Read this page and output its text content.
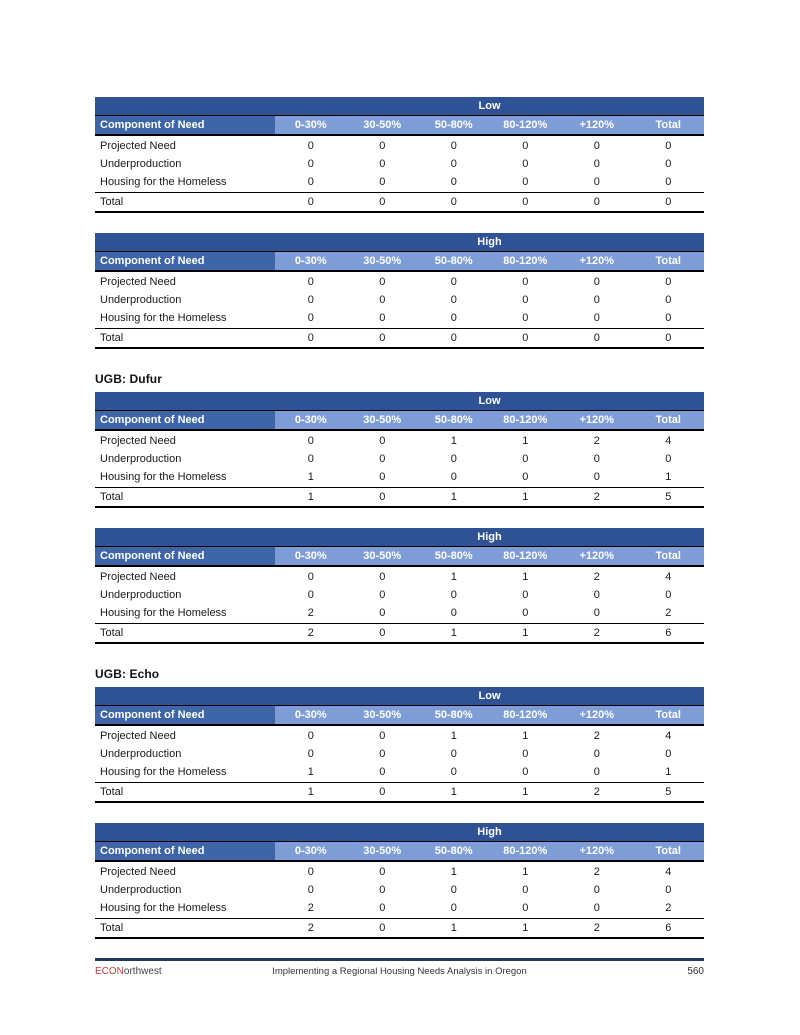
Low
Component of Need	0-30%	30-50%	50-80%	80-120%	+120%	Total
Projected Need	0	0	0	0	0	0
Underproduction	0	0	0	0	0	0
Housing for the Homeless	0	0	0	0	0	0
Total	0	0	0	0	0	0
High
Component of Need	0-30%	30-50%	50-80%	80-120%	+120%	Total
Projected Need	0	0	0	0	0	0
Underproduction	0	0	0	0	0	0
Housing for the Homeless	0	0	0	0	0	0
Total	0	0	0	0	0	0
UGB: Dufur
Low
Component of Need	0-30%	30-50%	50-80%	80-120%	+120%	Total
Projected Need	0	0	1	1	2	4
Underproduction	0	0	0	0	0	0
Housing for the Homeless	1	0	0	0	0	1
Total	1	0	1	1	2	5
High
Component of Need	0-30%	30-50%	50-80%	80-120%	+120%	Total
Projected Need	0	0	1	1	2	4
Underproduction	0	0	0	0	0	0
Housing for the Homeless	2	0	0	0	0	2
Total	2	0	1	1	2	6
UGB: Echo
Low
Component of Need	0-30%	30-50%	50-80%	80-120%	+120%	Total
Projected Need	0	0	1	1	2	4
Underproduction	0	0	0	0	0	0
Housing for the Homeless	1	0	0	0	0	1
Total	1	0	1	1	2	5
High
Component of Need	0-30%	30-50%	50-80%	80-120%	+120%	Total
Projected Need	0	0	1	1	2	4
Underproduction	0	0	0	0	0	0
Housing for the Homeless	2	0	0	0	0	2
Total	2	0	1	1	2	6
ECONorthwest	Implementing a Regional Housing Needs Analysis in Oregon	560
